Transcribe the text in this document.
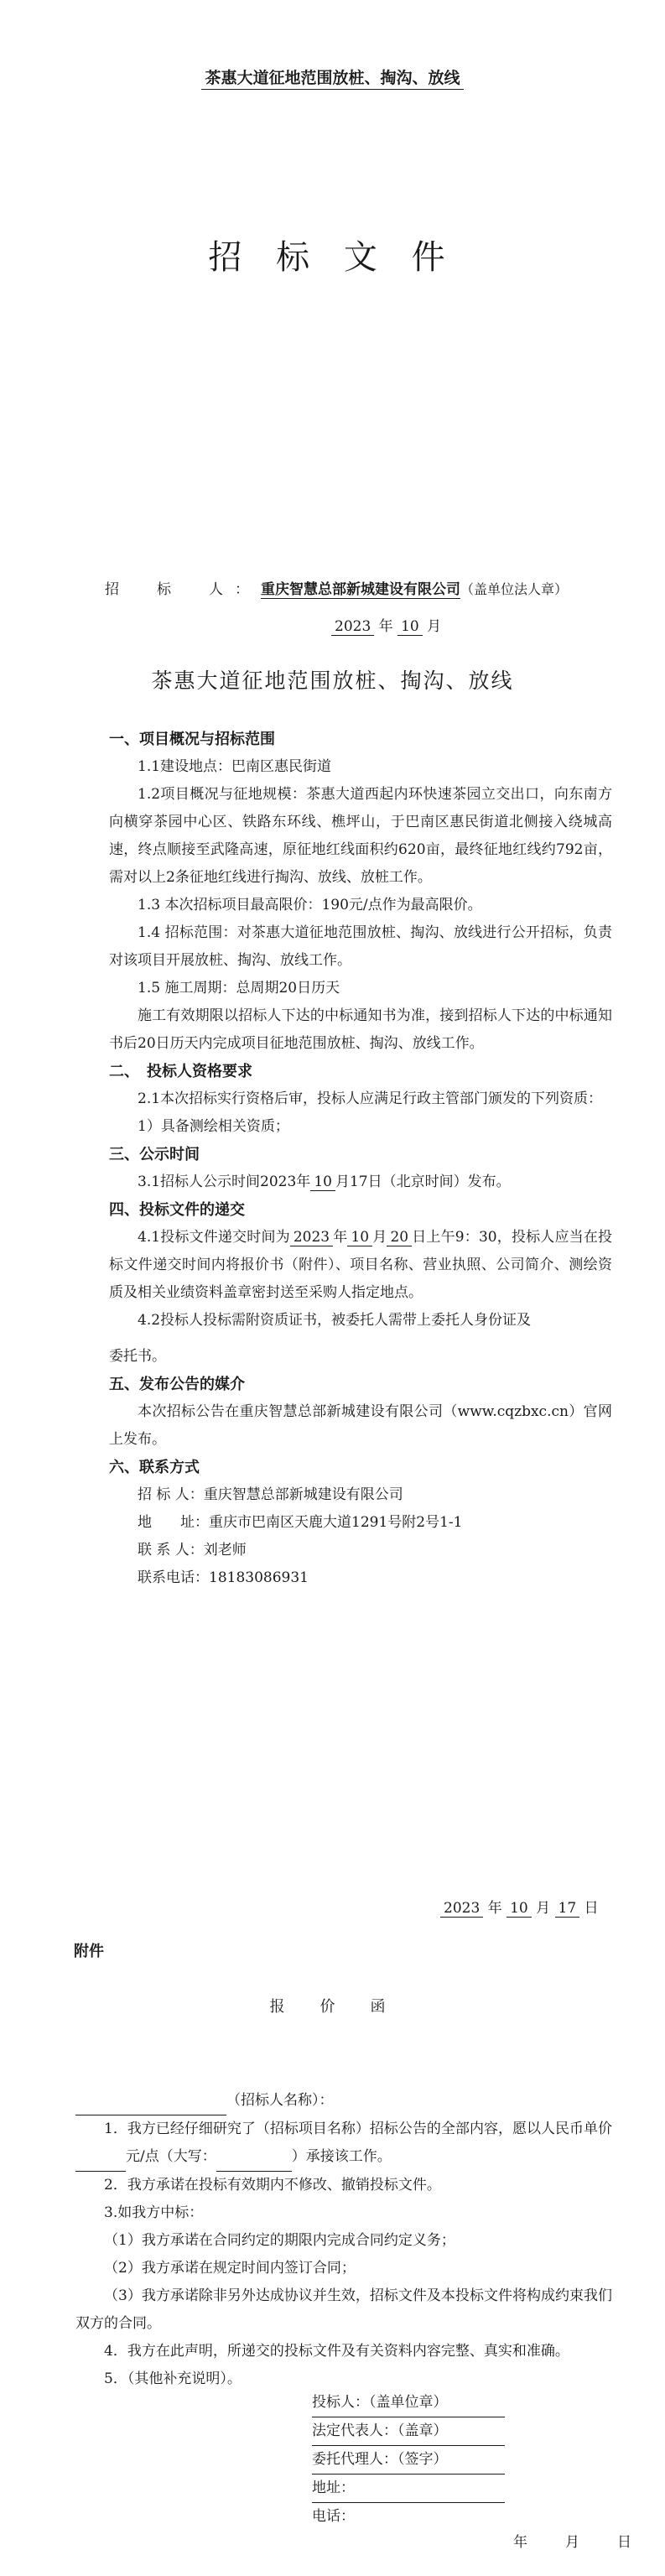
茶惠大道征地范围放桩、掏沟、放线
招 标 文 件
招　标　人：重庆智慧总部新城建设有限公司（盖单位法人章）
2023 年 10 月
茶惠大道征地范围放桩、掏沟、放线

一、项目概况与招标范围

1.1建设地点：巴南区惠民街道

1.2项目概况与征地规模：茶惠大道西起内环快速茶园立交出口，向东南方向横穿茶园中心区、铁路东环线、樵坪山，于巴南区惠民街道北侧接入绕城高速，终点顺接至武隆高速，原征地红线面积约620亩，最终征地红线约792亩，需对以上2条征地红线进行掏沟、放线、放桩工作。

1.3 本次招标项目最高限价：190元/点作为最高限价。

1.4 招标范围：对茶惠大道征地范围放桩、掏沟、放线进行公开招标，负责对该项目开展放桩、掏沟、放线工作。

1.5 施工周期：总周期20日历天

施工有效期限以招标人下达的中标通知书为准，接到招标人下达的中标通知书后20日历天内完成项目征地范围放桩、掏沟、放线工作。

二、　投标人资格要求

2.1本次招标实行资格后审，投标人应满足行政主管部门颁发的下列资质：

1）具备测绘相关资质；

三、公示时间

3.1招标人公示时间2023年 10 月17日（北京时间）发布。

四、投标文件的递交

4.1投标文件递交时间为 2023 年 10 月 20 日上午9：30，投标人应当在投标文件递交时间内将报价书（附件）、项目名称、营业执照、公司简介、测绘资质及相关业绩资料盖章密封送至采购人指定地点。

4.2投标人投标需附资质证书，被委托人需带上委托人身份证及

委托书。

五、发布公告的媒介

本次招标公告在重庆智慧总部新城建设有限公司（www.cqzbxc.cn）官网上发布。

六、联系方式

招 标 人：重庆智慧总部新城建设有限公司

地　　址：重庆市巴南区天鹿大道1291号附2号1-1

联 系 人：刘老师

联系电话：18183086931

2023 年 10 月 17 日
附件
报　价　函

（招标人名称）：

1．我方已经仔细研究了（招标项目名称）招标公告的全部内容，愿以人民币单价 元/点（大写：	）承接该工作。

2．我方承诺在投标有效期内不修改、撤销投标文件。

3.如我方中标：

（1）我方承诺在合同约定的期限内完成合同约定义务；

（2）我方承诺在规定时间内签订合同；

（3）我方承诺除非另外达成协议并生效，招标文件及本投标文件将构成约束我们双方的合同。

4．我方在此声明，所递交的投标文件及有关资料内容完整、真实和准确。

5．（其他补充说明）。

投标人：（盖单位章）
法定代表人：（盖章）
委托代理人：（签字）
地址：
电话：
年　月　日
